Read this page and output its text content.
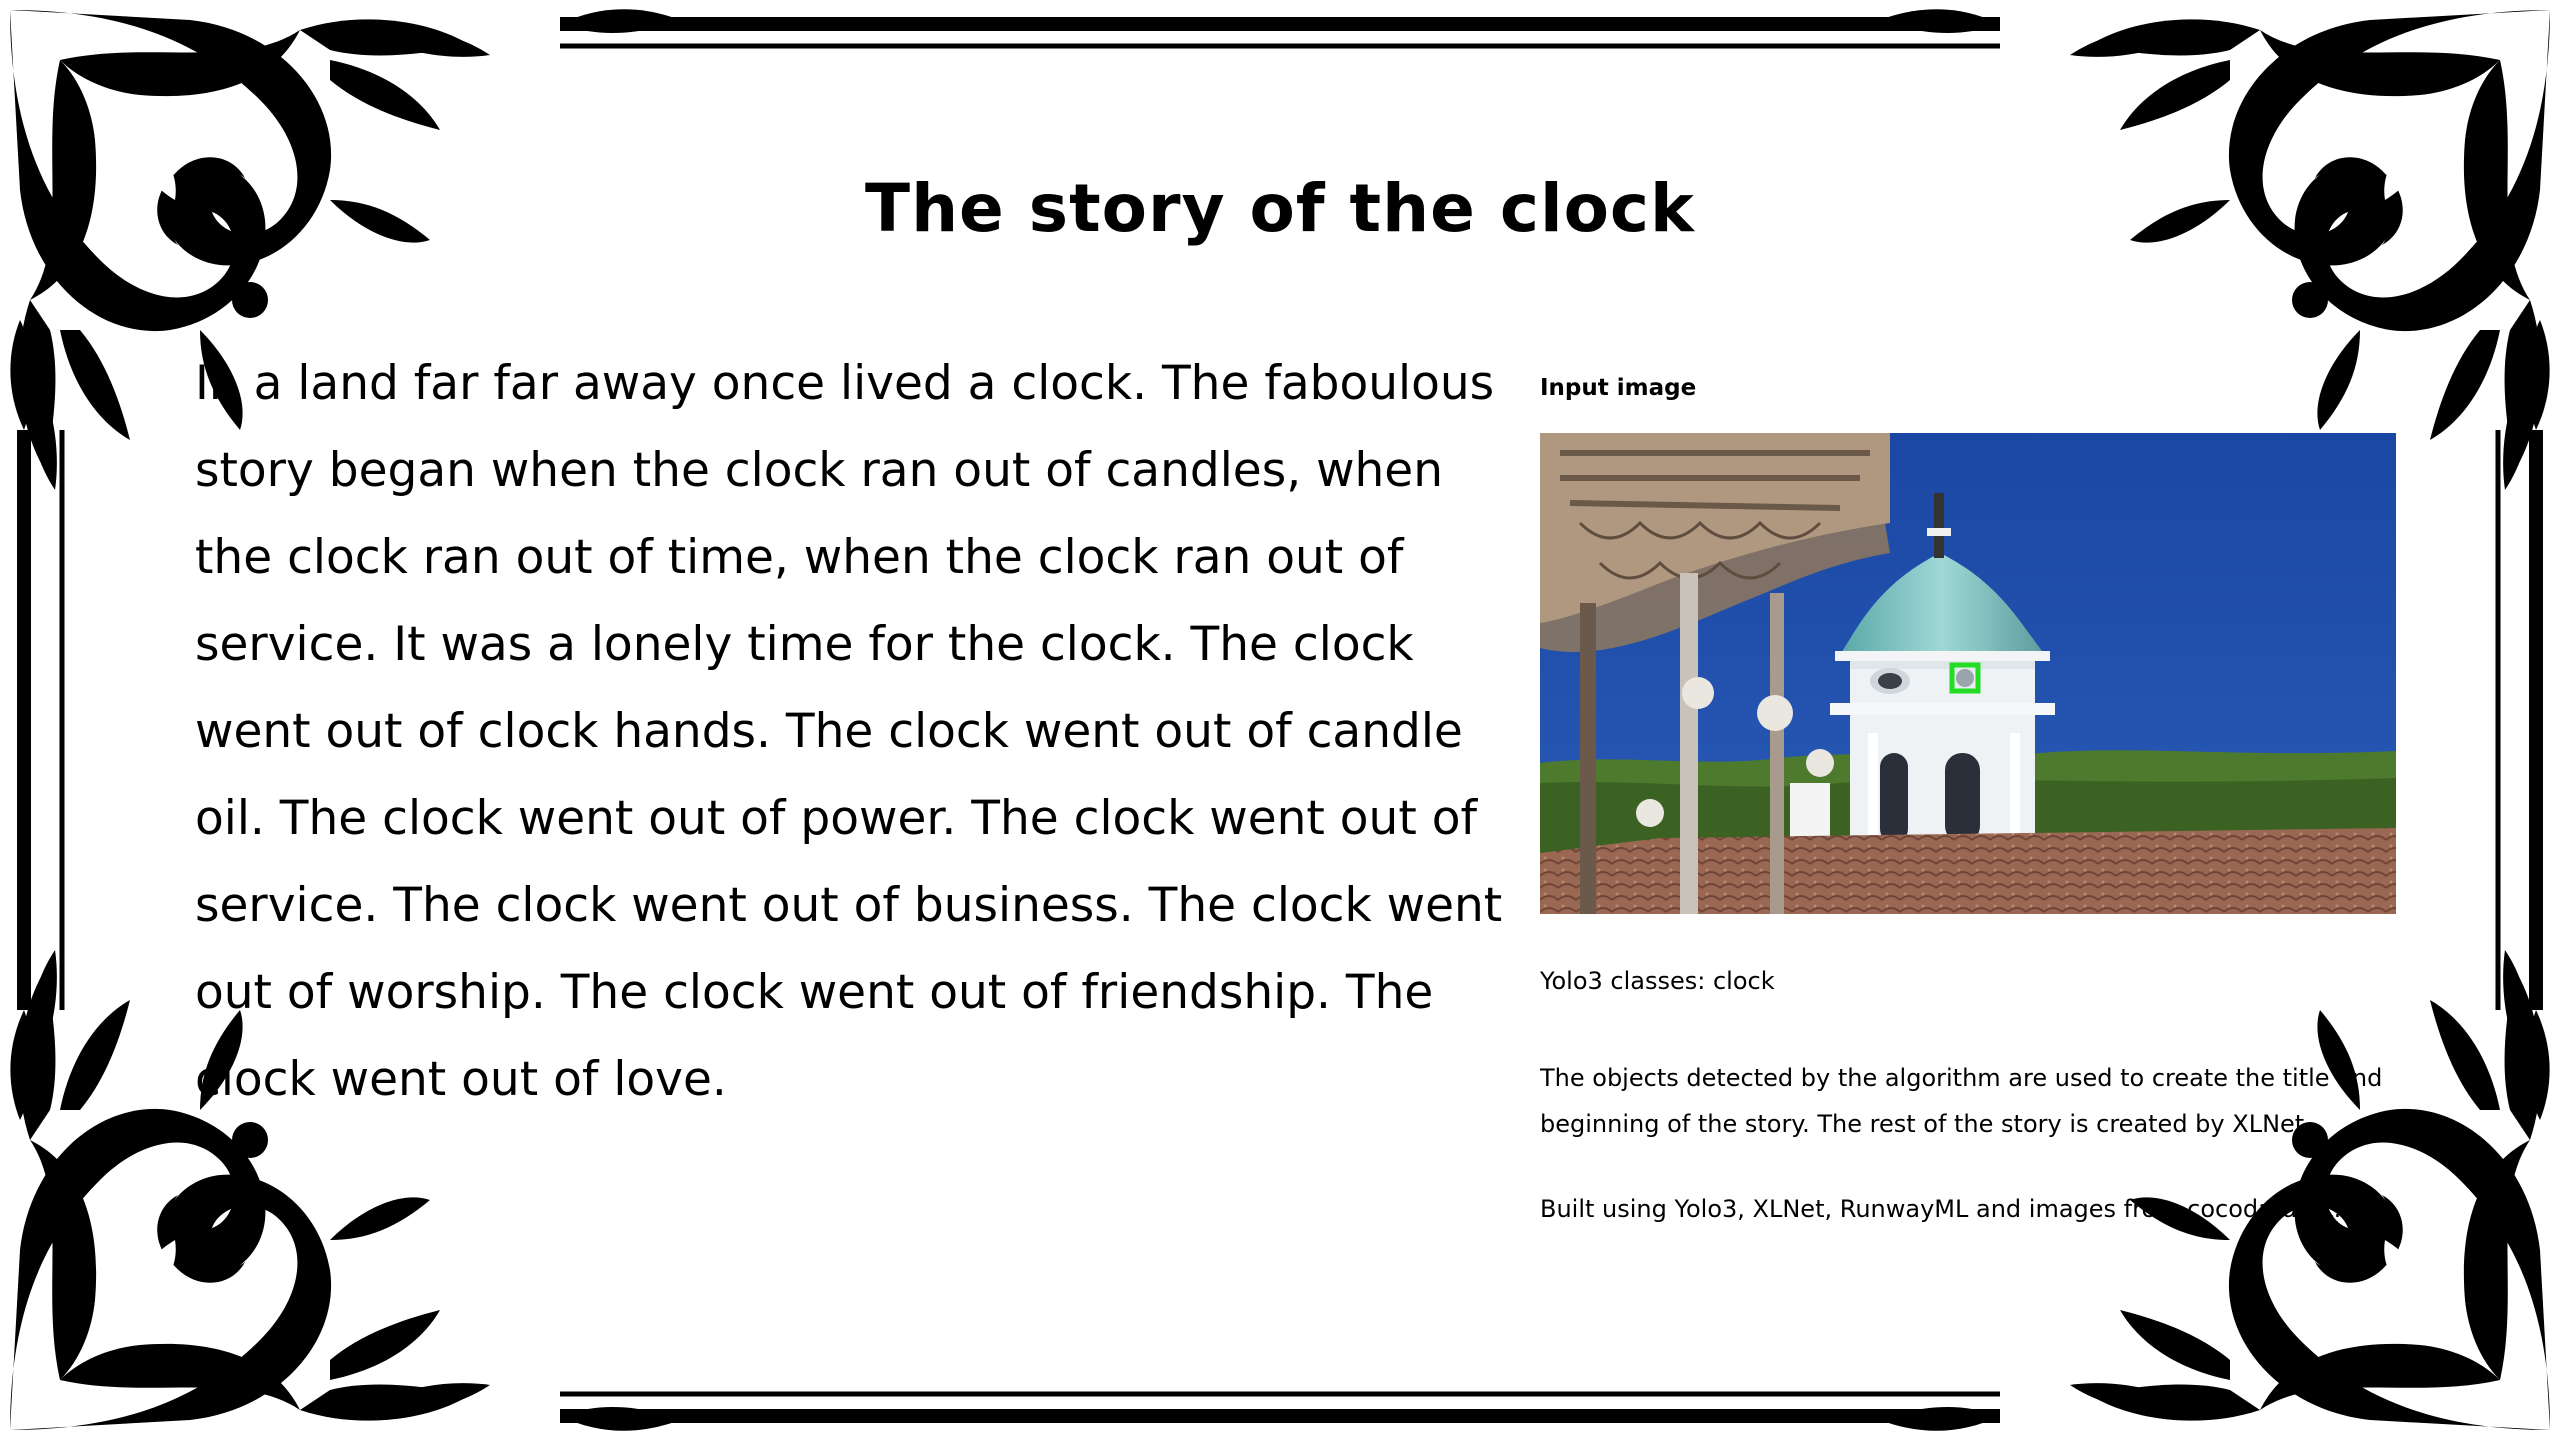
The story of the clock

In a land far far away once lived a clock. The faboulous story began when the clock ran out of candles, when the clock ran out of time, when the clock ran out of service. It was a lonely time for the clock. The clock went out of clock hands. The clock went out of candle oil. The clock went out of power. The clock went out of service. The clock went out of business. The clock went out of worship. The clock went out of friendship. The clock went out of love.

Input image

Yolo3 classes: clock

The objects detected by the algorithm are used to create the title and beginning of the story. The rest of the story is created by XLNet.

Built using Yolo3, XLNet, RunwayML and images from cocodataset.org
